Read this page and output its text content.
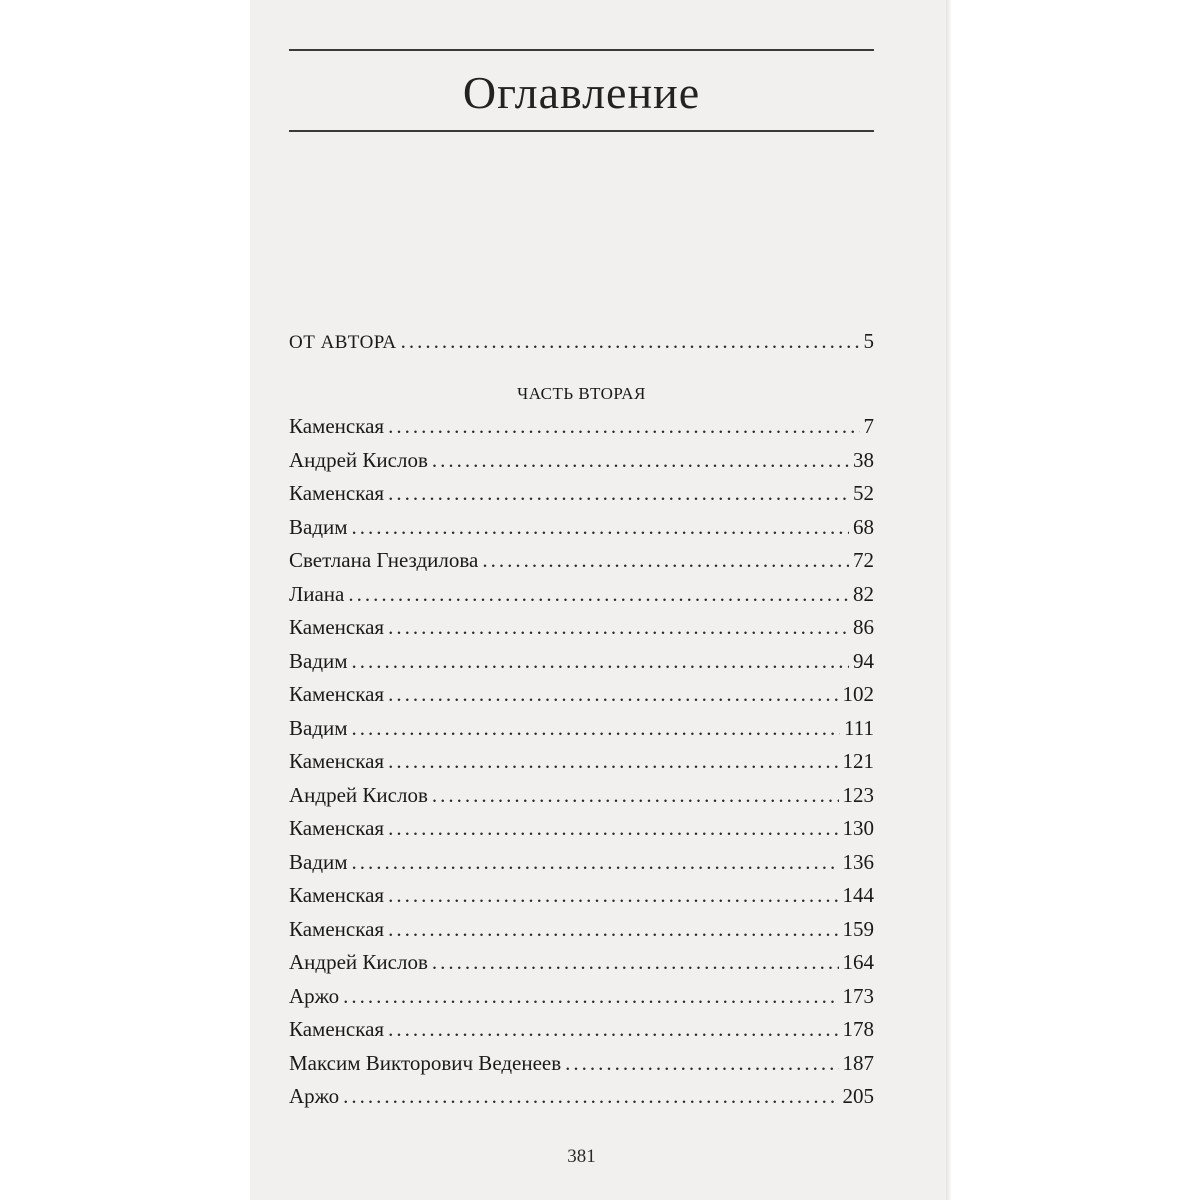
Оглавление
ОТ АВТОРА .....	5
ЧАСТЬ ВТОРАЯ
Каменская .....	7
Андрей Кислов .....	38
Каменская .....	52
Вадим .....	68
Светлана Гнездилова .....	72
Лиана .....	82
Каменская .....	86
Вадим .....	94
Каменская .....	102
Вадим .....	111
Каменская .....	121
Андрей Кислов .....	123
Каменская .....	130
Вадим .....	136
Каменская .....	144
Каменская .....	159
Андрей Кислов .....	164
Аржо .....	173
Каменская .....	178
Максим Викторович Веденеев .....	187
Аржо .....	205
381
